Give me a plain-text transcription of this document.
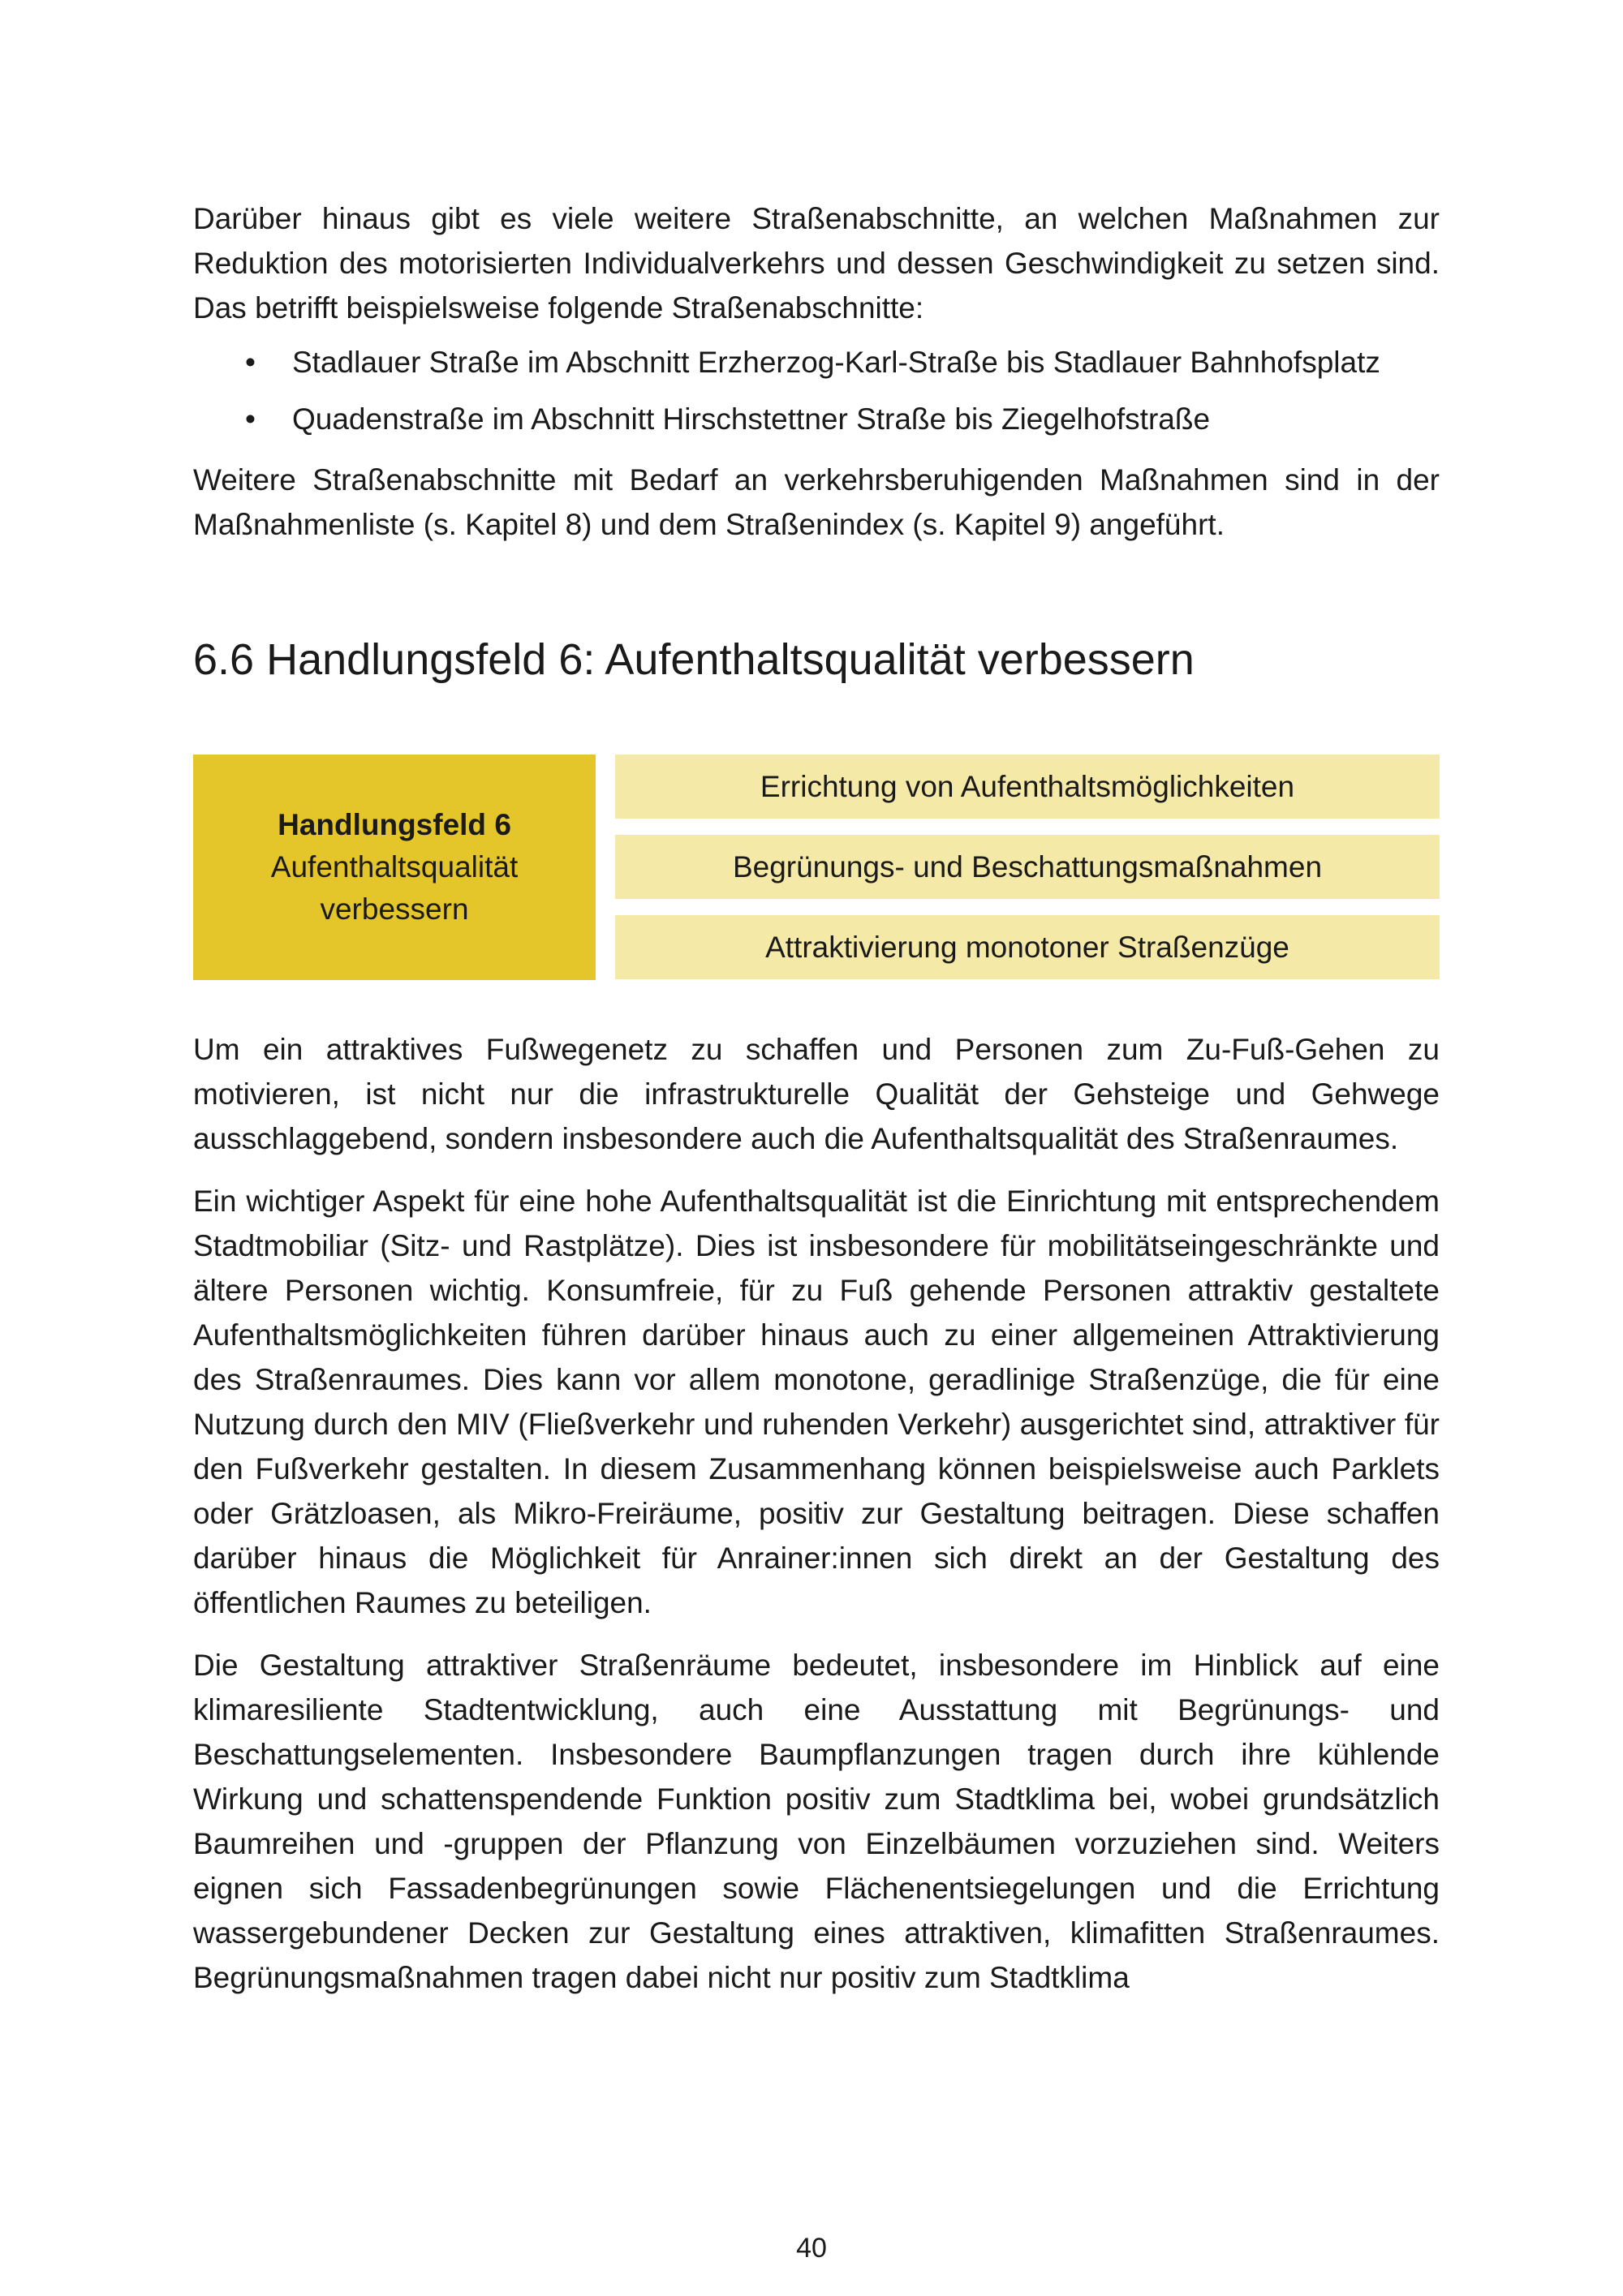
Darüber hinaus gibt es viele weitere Straßenabschnitte, an welchen Maßnahmen zur Reduktion des motorisierten Individualverkehrs und dessen Geschwindigkeit zu setzen sind. Das betrifft beispielsweise folgende Straßenabschnitte:

• Stadlauer Straße im Abschnitt Erzherzog-Karl-Straße bis Stadlauer Bahnhofsplatz
• Quadenstraße im Abschnitt Hirschstettner Straße bis Ziegelhofstraße

Weitere Straßenabschnitte mit Bedarf an verkehrsberuhigenden Maßnahmen sind in der Maßnahmenliste (s. Kapitel 8) und dem Straßenindex (s. Kapitel 9) angeführt.

6.6 Handlungsfeld 6: Aufenthaltsqualität verbessern
Handlungsfeld 6
Aufenthaltsqualität
verbessern
Errichtung von Aufenthaltsmöglichkeiten
Begrünungs- und Beschattungsmaßnahmen
Attraktivierung monotoner Straßenzüge

Um ein attraktives Fußwegenetz zu schaffen und Personen zum Zu-Fuß-Gehen zu motivieren, ist nicht nur die infrastrukturelle Qualität der Gehsteige und Gehwege ausschlaggebend, sondern insbesondere auch die Aufenthaltsqualität des Straßenraumes.

Ein wichtiger Aspekt für eine hohe Aufenthaltsqualität ist die Einrichtung mit entsprechendem Stadtmobiliar (Sitz- und Rastplätze). Dies ist insbesondere für mobilitätseingeschränkte und ältere Personen wichtig. Konsumfreie, für zu Fuß gehende Personen attraktiv gestaltete Aufenthaltsmöglichkeiten führen darüber hinaus auch zu einer allgemeinen Attraktivierung des Straßenraumes. Dies kann vor allem monotone, geradlinige Straßenzüge, die für eine Nutzung durch den MIV (Fließverkehr und ruhenden Verkehr) ausgerichtet sind, attraktiver für den Fußverkehr gestalten. In diesem Zusammenhang können beispielsweise auch Parklets oder Grätzloasen, als Mikro-Freiräume, positiv zur Gestaltung beitragen. Diese schaffen darüber hinaus die Möglichkeit für Anrainer:innen sich direkt an der Gestaltung des öffentlichen Raumes zu beteiligen.

Die Gestaltung attraktiver Straßenräume bedeutet, insbesondere im Hinblick auf eine klimaresiliente Stadtentwicklung, auch eine Ausstattung mit Begrünungs- und Beschattungselementen. Insbesondere Baumpflanzungen tragen durch ihre kühlende Wirkung und schattenspendende Funktion positiv zum Stadtklima bei, wobei grundsätzlich Baumreihen und -gruppen der Pflanzung von Einzelbäumen vorzuziehen sind. Weiters eignen sich Fassadenbegrünungen sowie Flächenentsiegelungen und die Errichtung wassergebundener Decken zur Gestaltung eines attraktiven, klimafitten Straßenraumes. Begrünungsmaßnahmen tragen dabei nicht nur positiv zum Stadtklima

40
